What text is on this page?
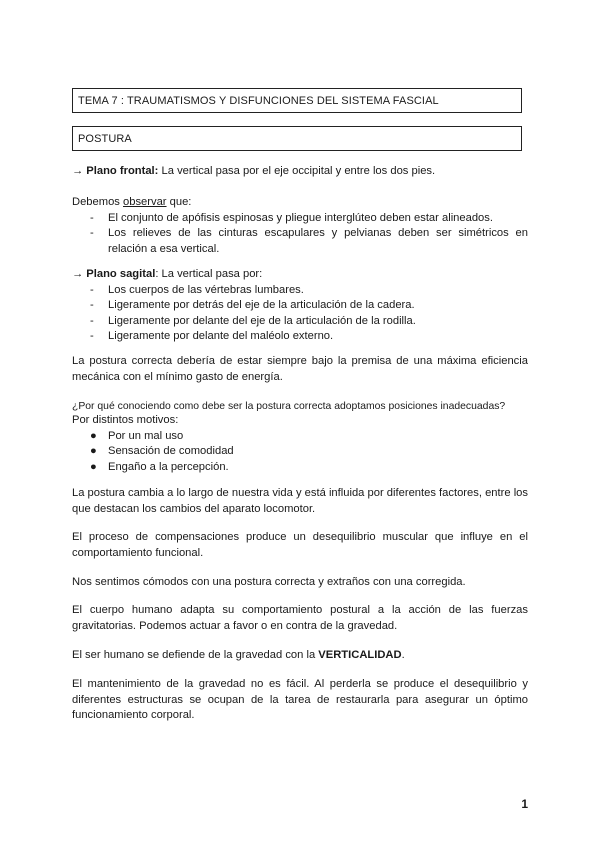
TEMA 7 : TRAUMATISMOS Y DISFUNCIONES DEL SISTEMA FASCIAL
POSTURA
→ Plano frontal: La vertical pasa por el eje occipital y entre los dos pies.
Debemos observar que:
- El conjunto de apófisis espinosas y pliegue interglúteo deben estar alineados.
- Los relieves de las cinturas escapulares y pelvianas deben ser simétricos en relación a esa vertical.
→ Plano sagital: La vertical pasa por:
- Los cuerpos de las vértebras lumbares.
- Ligeramente por detrás del eje de la articulación de la cadera.
- Ligeramente por delante del eje de la articulación de la rodilla.
- Ligeramente por delante del maléolo externo.
La postura correcta debería de estar siempre bajo la premisa de una máxima eficiencia mecánica con el mínimo gasto de energía.
¿Por qué conociendo como debe ser la postura correcta adoptamos posiciones inadecuadas?
Por distintos motivos:
● Por un mal uso
● Sensación de comodidad
● Engaño a la percepción.
La postura cambia a lo largo de nuestra vida y está influida por diferentes factores, entre los que destacan los cambios del aparato locomotor.
El proceso de compensaciones produce un desequilibrio muscular que influye en el comportamiento funcional.
Nos sentimos cómodos con una postura correcta y extraños con una corregida.
El cuerpo humano adapta su comportamiento postural a la acción de las fuerzas gravitatorias. Podemos actuar a favor o en contra de la gravedad.
El ser humano se defiende de la gravedad con la VERTICALIDAD.
El mantenimiento de la gravedad no es fácil. Al perderla se produce el desequilibrio y diferentes estructuras se ocupan de la tarea de restaurarla para asegurar un óptimo funcionamiento corporal.
1
